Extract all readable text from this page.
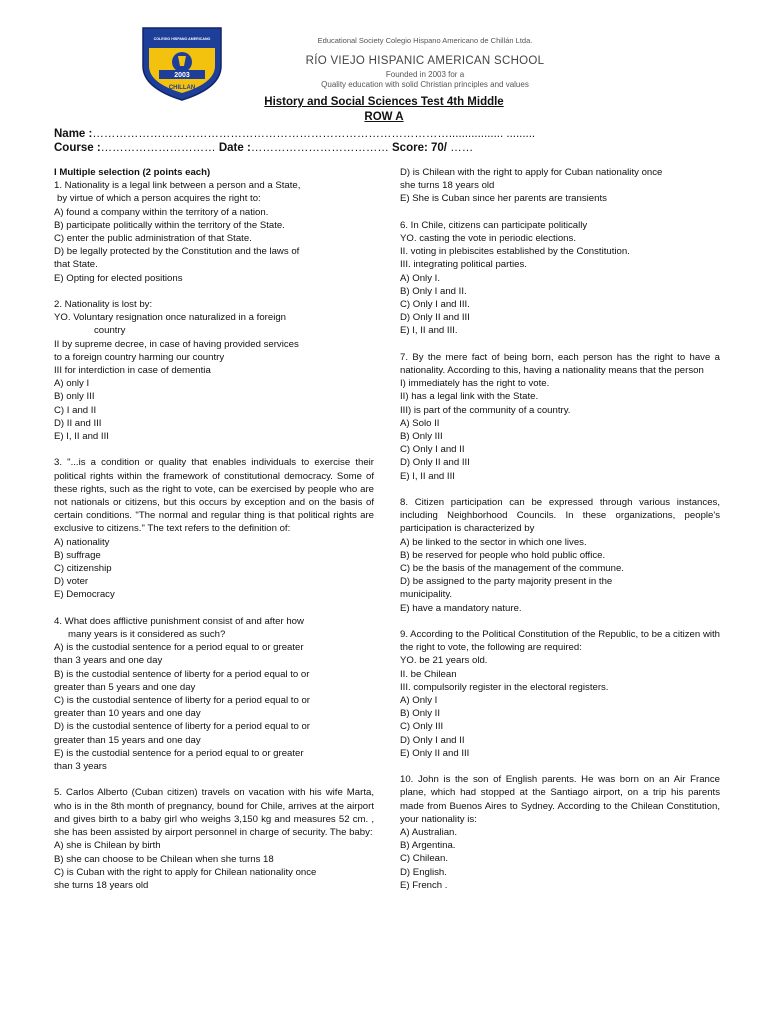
COLEGIO HISPANO AMERICANO
2003
CHILLAN
Educational Society Colegio Hispano Americano de Chillán Ltda.
RÍO VIEJO HISPANIC AMERICAN SCHOOL
Founded in 2003 for a
Quality education with solid Christian principles and values
History and Social Sciences Test 4th Middle
ROW A
Name :…………………………………………………………………………………................. .........
Course :………………………… Date :……………………………… Score: 70/ ……

I Multiple selection (2 points each)

1. Nationality is a legal link between a person and a State,

by virtue of which a person acquires the right to:

A) found a company within the territory of a nation.

B) participate politically within the territory of the State.

C) enter the public administration of that State.

D) be legally protected by the Constitution and the laws of

that State.

E) Opting for elected positions

2. Nationality is lost by:

YO. Voluntary resignation once naturalized in a foreign

country

II by supreme decree, in case of having provided services

to a foreign country harming our country

III for interdiction in case of dementia

A) only I

B) only III

C) I and II

D) II and III

E) I, II and III

3. "...is a condition or quality that enables individuals to exercise their political rights within the framework of constitutional democracy. Some of these rights, such as the right to vote, can be exercised by people who are not nationals or citizens, but this occurs by exception and on the basis of certain conditions. "The normal and regular thing is that political rights are exclusive to citizens." The text refers to the definition of:

A) nationality

B) suffrage

C) citizenship

D) voter

E) Democracy

4. What does afflictive punishment consist of and after how

many years is it considered as such?

A) is the custodial sentence for a period equal to or greater

than 3 years and one day

B) is the custodial sentence of liberty for a period equal to or

greater than 5 years and one day

C) is the custodial sentence of liberty for a period equal to or

greater than 10 years and one day

D) is the custodial sentence of liberty for a period equal to or

greater than 15 years and one day

E) is the custodial sentence for a period equal to or greater

than 3 years

5. Carlos Alberto (Cuban citizen) travels on vacation with his wife Marta, who is in the 8th month of pregnancy, bound for Chile, arrives at the airport and gives birth to a baby girl who weighs 3,150 kg and measures 52 cm. , she has been assisted by airport personnel in charge of security. The baby:

A) she is Chilean by birth

B) she can choose to be Chilean when she turns 18

C) is Cuban with the right to apply for Chilean nationality once

she turns 18 years old

D) is Chilean with the right to apply for Cuban nationality once

she turns 18 years old

E) She is Cuban since her parents are transients

6. In Chile, citizens can participate politically

YO. casting the vote in periodic elections.

II. voting in plebiscites established by the Constitution.

III. integrating political parties.

A) Only I.

B) Only I and II.

C) Only I and III.

D) Only II and III

E) I, II and III.

7. By the mere fact of being born, each person has the right to have a nationality. According to this, having a nationality means that the person

I) immediately has the right to vote.

II) has a legal link with the State.

III) is part of the community of a country.

A) Solo II

B) Only III

C) Only I and II

D) Only II and III

E) I, II and III

8. Citizen participation can be expressed through various instances, including Neighborhood Councils. In these organizations, people's participation is characterized by

A) be linked to the sector in which one lives.

B) be reserved for people who hold public office.

C) be the basis of the management of the commune.

D) be assigned to the party majority present in the

municipality.

E) have a mandatory nature.

9. According to the Political Constitution of the Republic, to be a citizen with the right to vote, the following are required:

YO. be 21 years old.

II. be Chilean

III. compulsorily register in the electoral registers.

A) Only I

B) Only II

C) Only III

D) Only I and II

E) Only II and III

10. John is the son of English parents. He was born on an Air France plane, which had stopped at the Santiago airport, on a trip his parents made from Buenos Aires to Sydney. According to the Chilean Constitution, your nationality is:

A) Australian.

B) Argentina.

C) Chilean.

D) English.

E) French .
